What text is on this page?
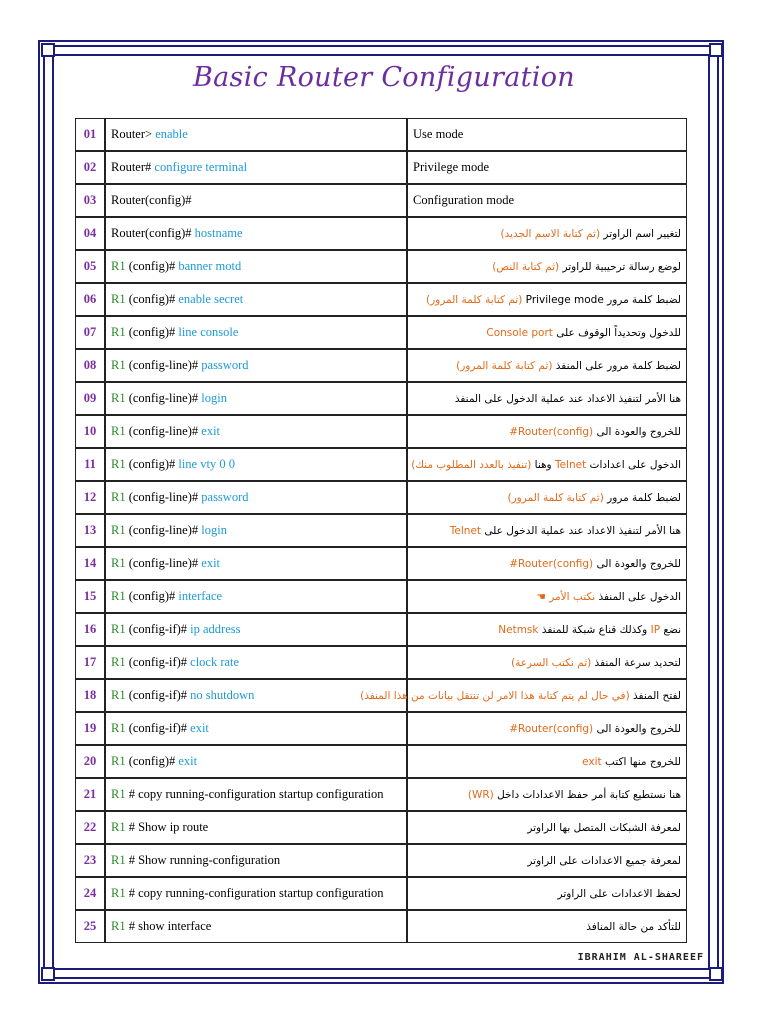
Basic Router Configuration
01	Router> enable	Use mode
02	Router# configure terminal	Privilege mode
03	Router(config)#	Configuration mode
04	Router(config)# hostname	لتغيير اسم الراوتر (ثم كتابة الاسم الجديد)
05	R1 (config)# banner motd	لوضع رسالة ترحيبية للراوتر (ثم كتابة النص)
06	R1 (config)# enable secret	لضبط كلمة مرور Privilege mode (ثم كتابة كلمة المرور)
07	R1 (config)# line console	للدخول وتحديداً الوقوف على Console port
08	R1 (config-line)# password	لضبط كلمة مرور على المنفذ (ثم كتابة كلمة المرور)
09	R1 (config-line)# login	هنا الأمر لتنفيذ الاعداد عند عملية الدخول على المنفذ
10	R1 (config-line)# exit	للخروج والعودة الى Router(config)#
11	R1 (config)# line vty 0 0	الدخول على اعدادات Telnet وهنا (تنفيذ بالعدد المطلوب منك)
12	R1 (config-line)# password	لضبط كلمة مرور (ثم كتابة كلمة المرور)
13	R1 (config-line)# login	هنا الأمر لتنفيذ الاعداد عند عملية الدخول على Telnet
14	R1 (config-line)# exit	للخروج والعودة الى Router(config)#
15	R1 (config)# interface	الدخول على المنفذ نكتب الأمر ☚
16	R1 (config-if)# ip address	نضع IP وكذلك قناع شبكة للمنفذ Netmsk
17	R1 (config-if)# clock rate	لتحديد سرعة المنفذ (ثم نكتب السرعة)
18	R1 (config-if)# no shutdown	لفتح المنفذ (في حال لم يتم كتابة هذا الامر لن تنتقل بيانات من هذا المنفذ)
19	R1 (config-if)# exit	للخروج والعودة الى Router(config)#
20	R1 (config)# exit	للخروج منها اكتب exit
21	R1 # copy running-configuration startup configuration	هنا نستطيع كتابة أمر حفظ الاعدادات داخل (WR)
22	R1 # Show ip route	لمعرفة الشبكات المتصل بها الراوتر
23	R1 # Show running-configuration	لمعرفة جميع الاعدادات على الراوتر
24	R1 # copy running-configuration startup configuration	لحفظ الاعدادات على الراوتر
25	R1 # show interface	للتأكد من حالة المنافذ
IBRAHIM AL-SHAREEF
